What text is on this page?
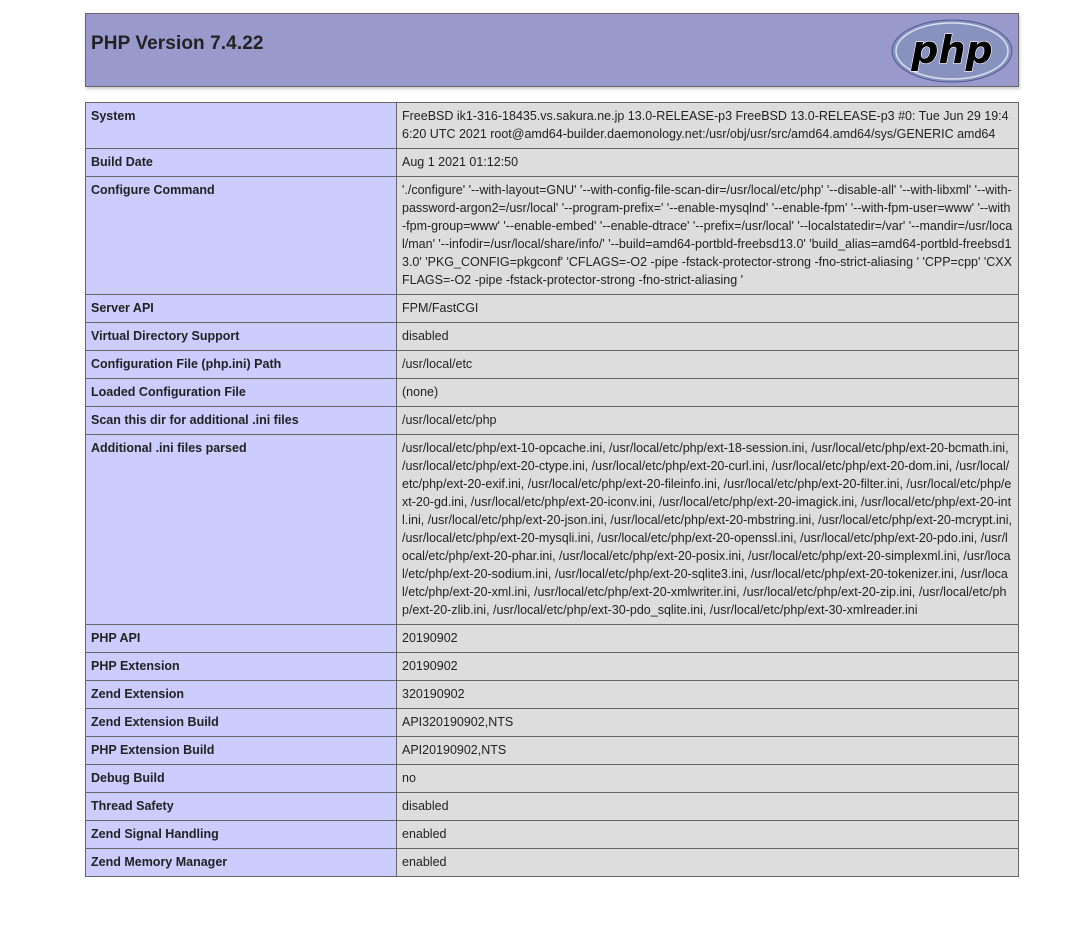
PHP Version 7.4.22	php
System	FreeBSD ik1-316-18435.vs.sakura.ne.jp 13.0-RELEASE-p3 FreeBSD 13.0-RELEASE-p3 #0: Tue Jun 29 19:46:20 UTC 2021 root@amd64-builder.daemonology.net:/usr/obj/usr/src/amd64.amd64/sys/GENERIC amd64
Build Date	Aug 1 2021 01:12:50
Configure Command	'./configure' '--with-layout=GNU' '--with-config-file-scan-dir=/usr/local/etc/php' '--disable-all' '--with-libxml' '--with-password-argon2=/usr/local' '--program-prefix=' '--enable-mysqlnd' '--enable-fpm' '--with-fpm-user=www' '--with-fpm-group=www' '--enable-embed' '--enable-dtrace' '--prefix=/usr/local' '--localstatedir=/var' '--mandir=/usr/local/man' '--infodir=/usr/local/share/info/' '--build=amd64-portbld-freebsd13.0' 'build_alias=amd64-portbld-freebsd13.0' 'PKG_CONFIG=pkgconf' 'CFLAGS=-O2 -pipe -fstack-protector-strong -fno-strict-aliasing ' 'CPP=cpp' 'CXXFLAGS=-O2 -pipe -fstack-protector-strong -fno-strict-aliasing '
Server API	FPM/FastCGI
Virtual Directory Support	disabled
Configuration File (php.ini) Path	/usr/local/etc
Loaded Configuration File	(none)
Scan this dir for additional .ini files	/usr/local/etc/php
Additional .ini files parsed	/usr/local/etc/php/ext-10-opcache.ini, /usr/local/etc/php/ext-18-session.ini, /usr/local/etc/php/ext-20-bcmath.ini, /usr/local/etc/php/ext-20-ctype.ini, /usr/local/etc/php/ext-20-curl.ini, /usr/local/etc/php/ext-20-dom.ini, /usr/local/etc/php/ext-20-exif.ini, /usr/local/etc/php/ext-20-fileinfo.ini, /usr/local/etc/php/ext-20-filter.ini, /usr/local/etc/php/ext-20-gd.ini, /usr/local/etc/php/ext-20-iconv.ini, /usr/local/etc/php/ext-20-imagick.ini, /usr/local/etc/php/ext-20-intl.ini, /usr/local/etc/php/ext-20-json.ini, /usr/local/etc/php/ext-20-mbstring.ini, /usr/local/etc/php/ext-20-mcrypt.ini, /usr/local/etc/php/ext-20-mysqli.ini, /usr/local/etc/php/ext-20-openssl.ini, /usr/local/etc/php/ext-20-pdo.ini, /usr/local/etc/php/ext-20-phar.ini, /usr/local/etc/php/ext-20-posix.ini, /usr/local/etc/php/ext-20-simplexml.ini, /usr/local/etc/php/ext-20-sodium.ini, /usr/local/etc/php/ext-20-sqlite3.ini, /usr/local/etc/php/ext-20-tokenizer.ini, /usr/local/etc/php/ext-20-xml.ini, /usr/local/etc/php/ext-20-xmlwriter.ini, /usr/local/etc/php/ext-20-zip.ini, /usr/local/etc/php/ext-20-zlib.ini, /usr/local/etc/php/ext-30-pdo_sqlite.ini, /usr/local/etc/php/ext-30-xmlreader.ini
PHP API	20190902
PHP Extension	20190902
Zend Extension	320190902
Zend Extension Build	API320190902,NTS
PHP Extension Build	API20190902,NTS
Debug Build	no
Thread Safety	disabled
Zend Signal Handling	enabled
Zend Memory Manager	enabled
